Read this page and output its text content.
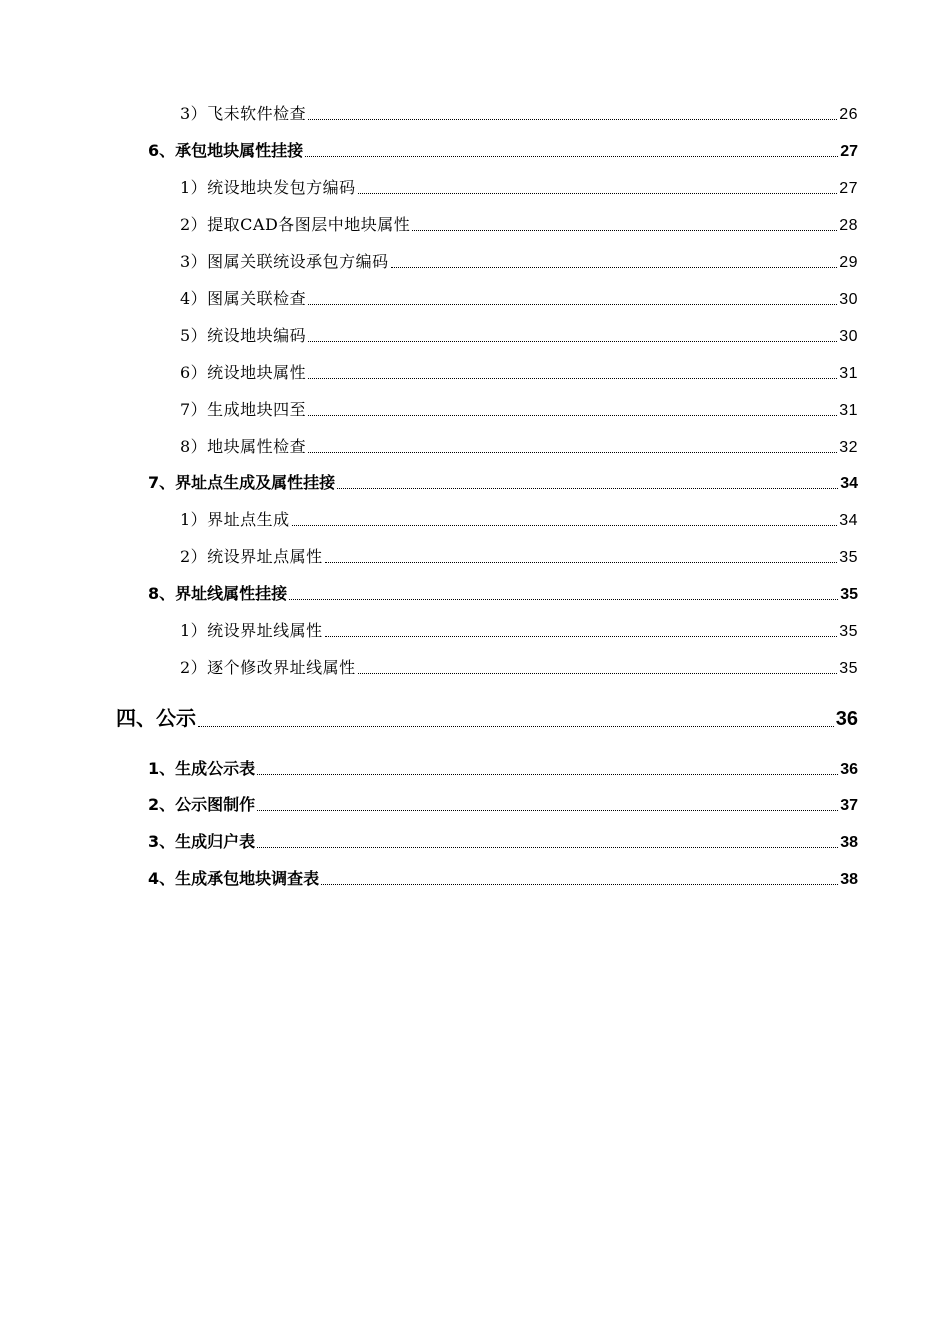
3）飞未软件检查	26
6、承包地块属性挂接	27
1）统设地块发包方编码	27
2）提取CAD各图层中地块属性	28
3）图属关联统设承包方编码	29
4）图属关联检查	30
5）统设地块编码	30
6）统设地块属性	31
7）生成地块四至	31
8）地块属性检查	32
7、界址点生成及属性挂接	34
1）界址点生成	34
2）统设界址点属性	35
8、界址线属性挂接	35
1）统设界址线属性	35
2）逐个修改界址线属性	35
四、公示	36
1、生成公示表	36
2、公示图制作	37
3、生成归户表	38
4、生成承包地块调查表	38
